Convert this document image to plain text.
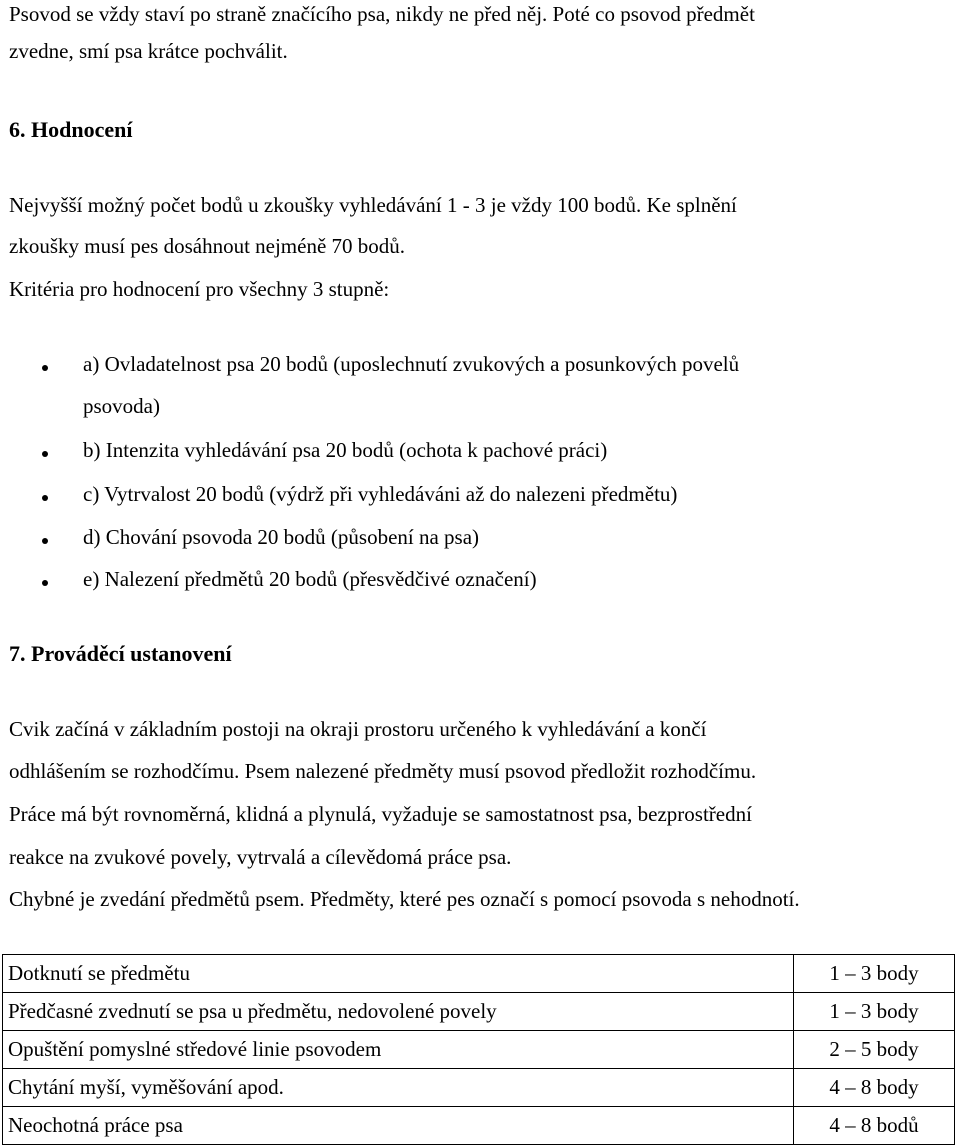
Psovod se vždy staví po straně značícího psa, nikdy ne před něj. Poté co psovod předmět
zvedne, smí psa krátce pochválit.
6. Hodnocení
Nejvyšší možný počet bodů u zkoušky vyhledávání 1 - 3 je vždy 100 bodů. Ke splnění
zkoušky musí pes dosáhnout nejméně 70 bodů.
Kritéria pro hodnocení pro všechny 3 stupně:
a) Ovladatelnost psa 20 bodů (uposlechnutí zvukových a posunkových povelů
psovoda)
b) Intenzita vyhledávání psa 20 bodů (ochota k pachové práci)
c) Vytrvalost 20 bodů (výdrž při vyhledáváni až do nalezeni předmětu)
d) Chování psovoda 20 bodů (působení na psa)
e) Nalezení předmětů 20 bodů (přesvědčivé označení)
7. Prováděcí ustanovení
Cvik začíná v základním postoji na okraji prostoru určeného k vyhledávání a končí
odhlášením se rozhodčímu. Psem nalezené předměty musí psovod předložit rozhodčímu.
Práce má být rovnoměrná, klidná a plynulá, vyžaduje se samostatnost psa, bezprostřední
reakce na zvukové povely, vytrvalá a cílevědomá práce psa.
Chybné je zvedání předmětů psem. Předměty, které pes označí s pomocí psovoda s nehodnotí.
Dotknutí se předmětu	1 – 3 body
Předčasné zvednutí se psa u předmětu, nedovolené povely	1 – 3 body
Opuštění pomyslné středové linie psovodem	2 – 5 body
Chytání myší, vyměšování apod.	4 – 8 body
Neochotná práce psa	4 – 8 bodů
